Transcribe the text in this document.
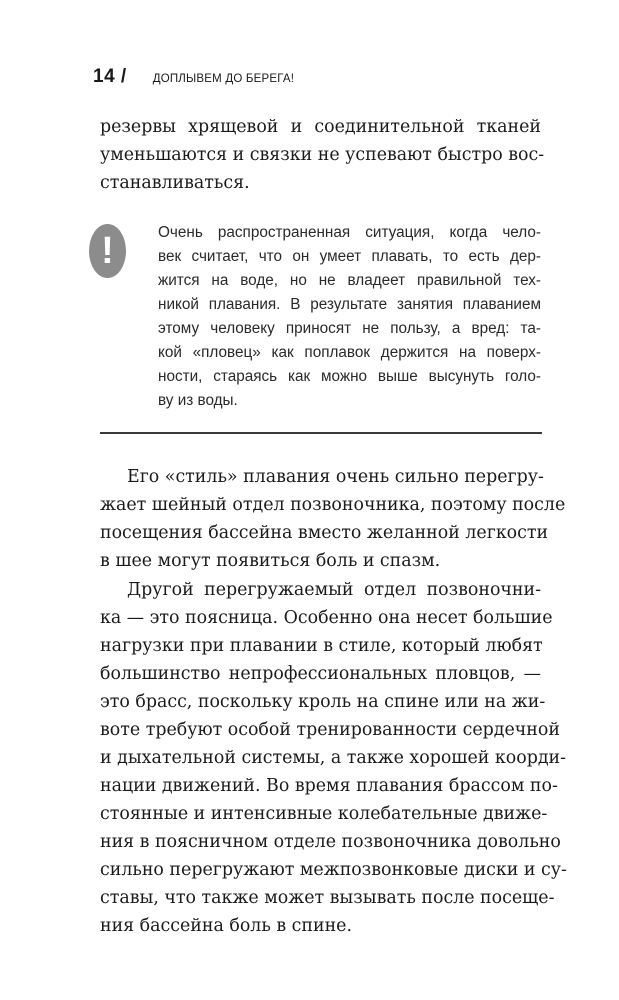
14 / ДОПЛЫВЕМ ДО БЕРЕГА!
резервы хрящевой и соединительной тканей
уменьшаются и связки не успевают быстро вос-
станавливаться.
!	Очень распространенная ситуация, когда чело-
век считает, что он умеет плавать, то есть дер-
жится на воде, но не владеет правильной тех-
никой плавания. В результате занятия плаванием
этому человеку приносят не пользу, а вред: та-
кой «пловец» как поплавок держится на поверх-
ности, стараясь как можно выше высунуть голо-
ву из воды.
Его «стиль» плавания очень сильно перегру-
жает шейный отдел позвоночника, поэтому после
посещения бассейна вместо желанной легкости
в шее могут появиться боль и спазм.
Другой перегружаемый отдел позвоночни-
ка — это поясница. Особенно она несет большие
нагрузки при плавании в стиле, который любят
большинство непрофессиональных пловцов, —
это брасс, поскольку кроль на спине или на жи-
воте требуют особой тренированности сердечной
и дыхательной системы, а также хорошей коорди-
нации движений. Во время плавания брассом по-
стоянные и интенсивные колебательные движе-
ния в поясничном отделе позвоночника довольно
сильно перегружают межпозвонковые диски и су-
ставы, что также может вызывать после посеще-
ния бассейна боль в спине.
